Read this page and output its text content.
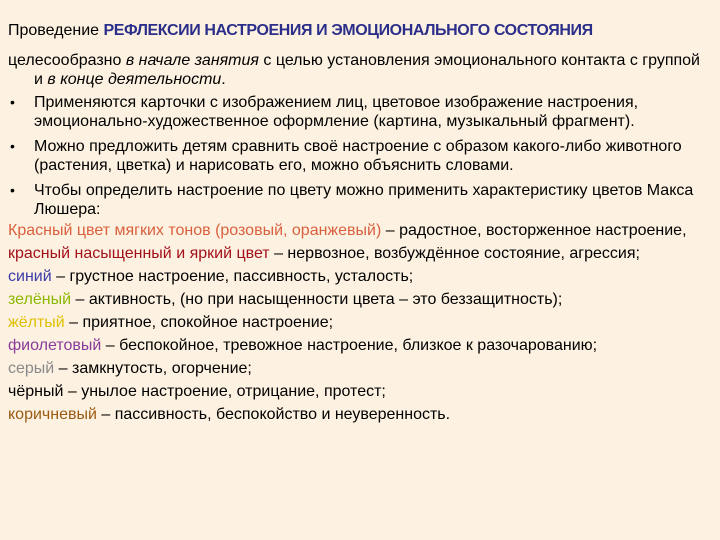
Проведение РЕФЛЕКСИИ НАСТРОЕНИЯ И ЭМОЦИОНАЛЬНОГО СОСТОЯНИЯ
целесообразно в начале занятия с целью установления эмоционального контакта с группой и в конце деятельности.
• Применяются карточки с изображением лиц, цветовое изображение настроения, эмоционально-художественное оформление (картина, музыкальный фрагмент).
• Можно предложить детям сравнить своё настроение с образом какого-либо животного (растения, цветка) и нарисовать его, можно объяснить словами.
• Чтобы определить настроение по цвету можно применить характеристику цветов Макса Люшера:
Красный цвет мягких тонов (розовый, оранжевый) – радостное, восторженное настроение,
красный насыщенный и яркий цвет – нервозное, возбуждённое состояние, агрессия;
синий – грустное настроение, пассивность, усталость;
зелёный – активность, (но при насыщенности цвета – это беззащитность);
жёлтый – приятное, спокойное настроение;
фиолетовый – беспокойное, тревожное настроение, близкое к разочарованию;
серый – замкнутость, огорчение;
чёрный – унылое настроение, отрицание, протест;
коричневый – пассивность, беспокойство и неуверенность.
